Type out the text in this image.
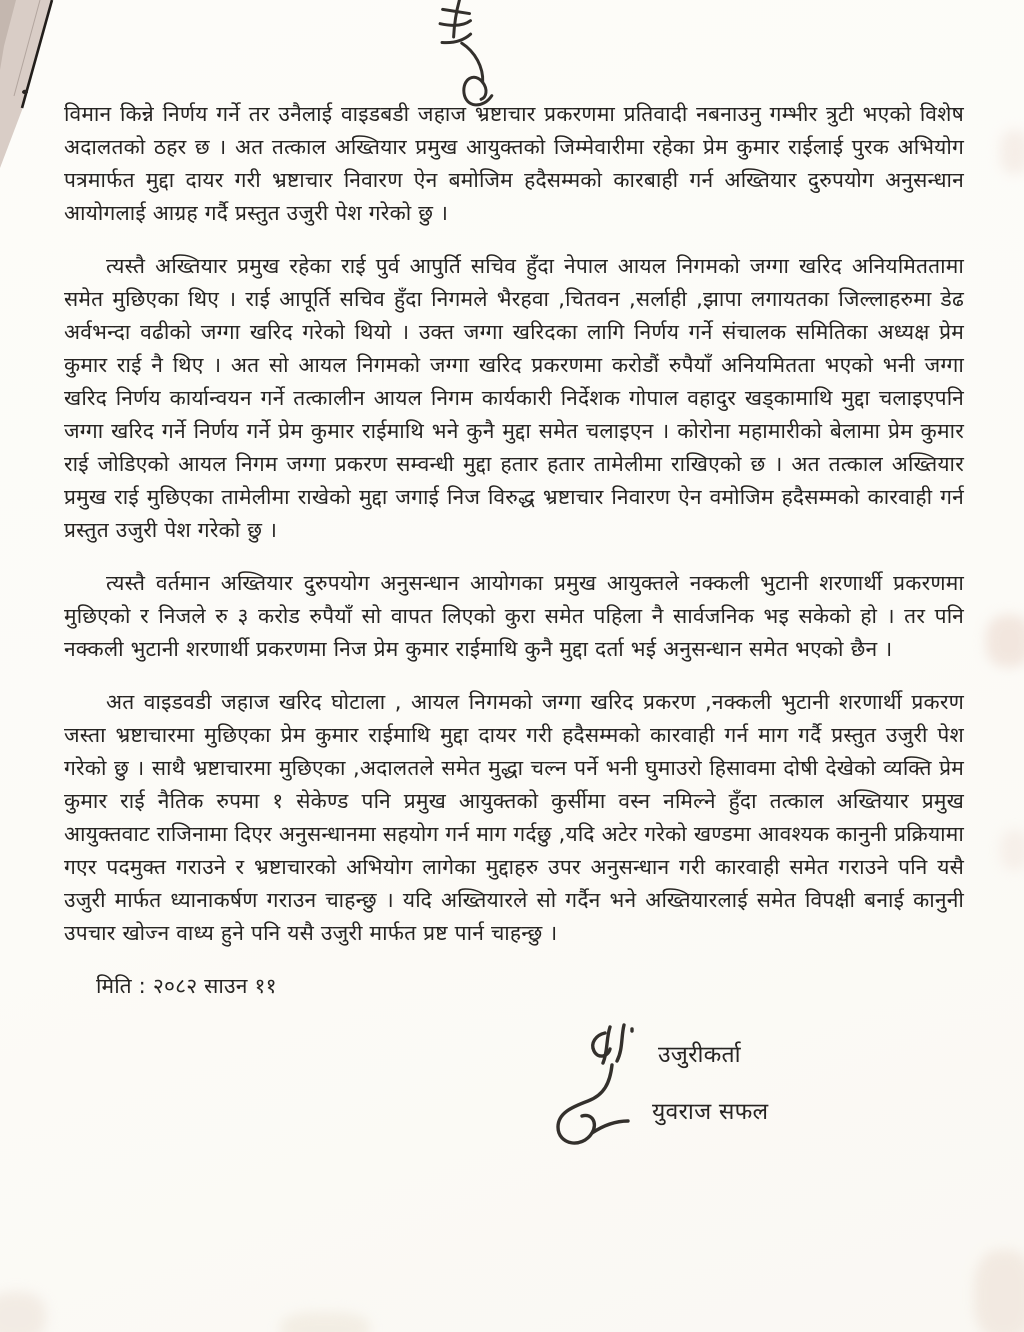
विमान किन्ने निर्णय गर्ने तर उनैलाई वाइडबडी जहाज भ्रष्टाचार प्रकरणमा प्रतिवादी नबनाउनु गम्भीर त्रुटी भएको विशेष अदालतको ठहर छ । अत तत्काल अख्तियार प्रमुख आयुक्तको जिम्मेवारीमा रहेका प्रेम कुमार राईलाई पुरक अभियोग पत्रमार्फत मुद्दा दायर गरी भ्रष्टाचार निवारण ऐन बमोजिम हदैसम्मको कारबाही गर्न अख्तियार दुरुपयोग अनुसन्धान आयोगलाई आग्रह गर्दै प्रस्तुत उजुरी पेश गरेको छु ।

त्यस्तै अख्तियार प्रमुख रहेका राई पुर्व आपुर्ति सचिव हुँदा नेपाल आयल निगमको जग्गा खरिद अनियमिततामा समेत मुछिएका थिए । राई आपूर्ति सचिव हुँदा निगमले भैरहवा ,चितवन ,सर्लाही ,झापा लगायतका जिल्लाहरुमा डेढ अर्वभन्दा वढीको जग्गा खरिद गरेको थियो । उक्त जग्गा खरिदका लागि निर्णय गर्ने संचालक समितिका अध्यक्ष प्रेम कुमार राई नै थिए । अत सो आयल निगमको जग्गा खरिद प्रकरणमा करोडौं रुपैयाँ अनियमितता भएको भनी जग्गा खरिद निर्णय कार्यान्वयन गर्ने तत्कालीन आयल निगम कार्यकारी निर्देशक गोपाल वहादुर खड्कामाथि मुद्दा चलाइएपनि जग्गा खरिद गर्ने निर्णय गर्ने प्रेम कुमार राईमाथि भने कुनै मुद्दा समेत चलाइएन । कोरोना महामारीको बेलामा प्रेम कुमार राई जोडिएको आयल निगम जग्गा प्रकरण सम्वन्धी मुद्दा हतार हतार तामेलीमा राखिएको छ । अत तत्काल अख्तियार प्रमुख राई मुछिएका तामेलीमा राखेको मुद्दा जगाई निज विरुद्ध भ्रष्टाचार निवारण ऐन वमोजिम हदैसम्मको कारवाही गर्न प्रस्तुत उजुरी पेश गरेको छु ।

त्यस्तै वर्तमान अख्तियार दुरुपयोग अनुसन्धान आयोगका प्रमुख आयुक्तले नक्कली भुटानी शरणार्थी प्रकरणमा मुछिएको र निजले रु ३ करोड रुपैयाँ सो वापत लिएको कुरा समेत पहिला नै सार्वजनिक भइ सकेको हो । तर पनि नक्कली भुटानी शरणार्थी प्रकरणमा निज प्रेम कुमार राईमाथि कुनै मुद्दा दर्ता भई अनुसन्धान समेत भएको छैन ।

अत वाइडवडी जहाज खरिद घोटाला , आयल निगमको जग्गा खरिद प्रकरण ,नक्कली भुटानी शरणार्थी प्रकरण जस्ता भ्रष्टाचारमा मुछिएका प्रेम कुमार राईमाथि मुद्दा दायर गरी हदैसम्मको कारवाही गर्न माग गर्दै प्रस्तुत उजुरी पेश गरेको छु । साथै भ्रष्टाचारमा मुछिएका ,अदालतले समेत मुद्धा चल्न पर्ने भनी घुमाउरो हिसावमा दोषी देखेको व्यक्ति प्रेम कुमार राई नैतिक रुपमा १ सेकेण्ड पनि प्रमुख आयुक्तको कुर्सीमा वस्न नमिल्ने हुँदा तत्काल अख्तियार प्रमुख आयुक्तवाट राजिनामा दिएर अनुसन्धानमा सहयोग गर्न माग गर्दछु ,यदि अटेर गरेको खण्डमा आवश्यक कानुनी प्रक्रियामा गएर पदमुक्त गराउने र भ्रष्टाचारको अभियोग लागेका मुद्दाहरु उपर अनुसन्धान गरी कारवाही समेत गराउने पनि यसै उजुरी मार्फत ध्यानाकर्षण गराउन चाहन्छु । यदि अख्तियारले सो गर्दैन भने अख्तियारलाई समेत विपक्षी बनाई कानुनी उपचार खोज्न वाध्य हुने पनि यसै उजुरी मार्फत प्रष्ट पार्न चाहन्छु ।

मिति : २०८२ साउन ११
उजुरीकर्ता
युवराज सफल
